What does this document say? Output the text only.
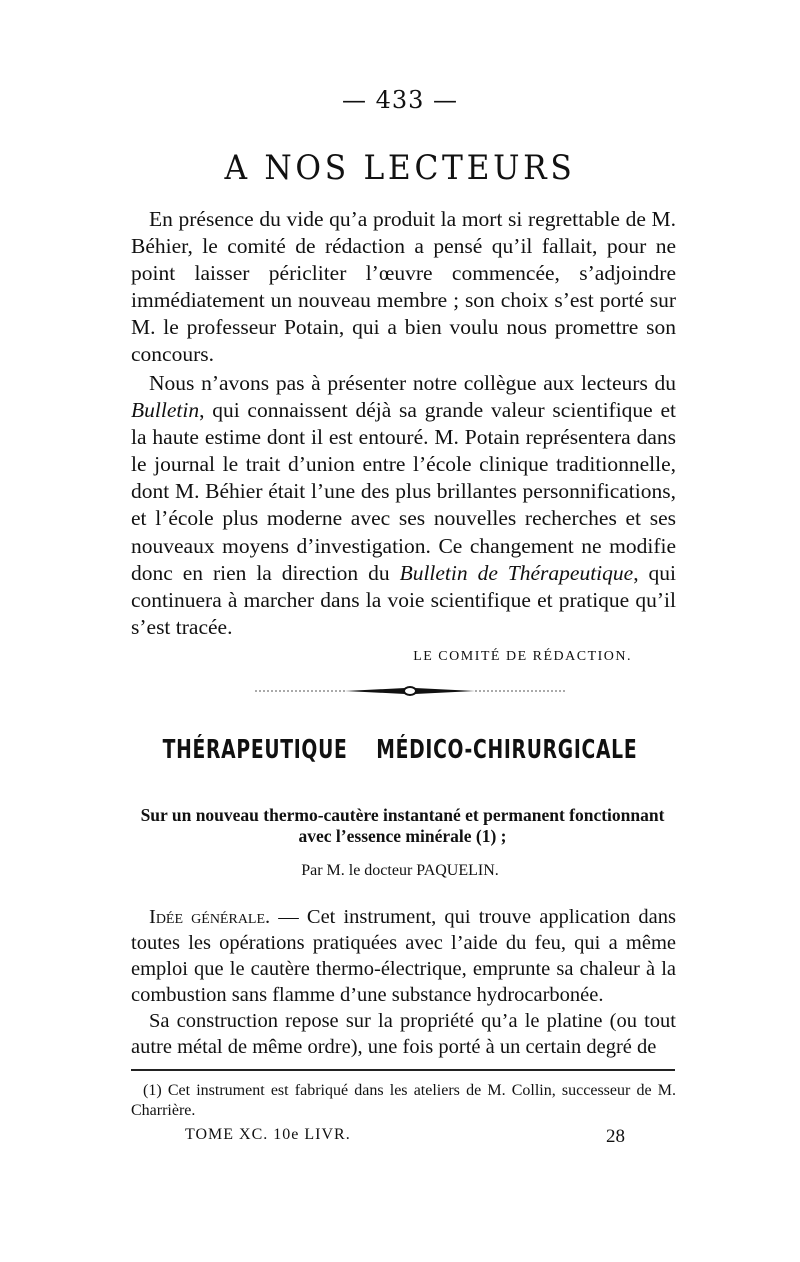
— 433 —
A NOS LECTEURS

En présence du vide qu’a produit la mort si regrettable de M. Béhier, le comité de rédaction a pensé qu’il fallait, pour ne point laisser péricliter l’œuvre commencée, s’adjoindre immédiatement un nouveau membre ; son choix s’est porté sur M. le professeur Potain, qui a bien voulu nous promettre son concours.

Nous n’avons pas à présenter notre collègue aux lecteurs du Bulletin, qui connaissent déjà sa grande valeur scientifique et la haute estime dont il est entouré. M. Potain représentera dans le journal le trait d’union entre l’école clinique traditionnelle, dont M. Béhier était l’une des plus brillantes personnifications, et l’école plus moderne avec ses nouvelles recherches et ses nouveaux moyens d’investigation. Ce changement ne modifie donc en rien la direction du Bulletin de Thérapeutique, qui continuera à marcher dans la voie scientifique et pratique qu’il s’est tracée.

LE COMITÉ DE RÉDACTION.
THÉRAPEUTIQUE MÉDICO-CHIRURGICALE
Sur un nouveau thermo-cautère instantané et permanent fonctionnant avec l’essence minérale (1) ;
Par M. le docteur PAQUELIN.

Idée générale. — Cet instrument, qui trouve application dans toutes les opérations pratiquées avec l’aide du feu, qui a même emploi que le cautère thermo-électrique, emprunte sa chaleur à la combustion sans flamme d’une substance hydrocarbonée.

Sa construction repose sur la propriété qu’a le platine (ou tout autre métal de même ordre), une fois porté à un certain degré de

(1) Cet instrument est fabriqué dans les ateliers de M. Collin, successeur de M. Charrière.

TOME XC. 10e LIVR.	28
